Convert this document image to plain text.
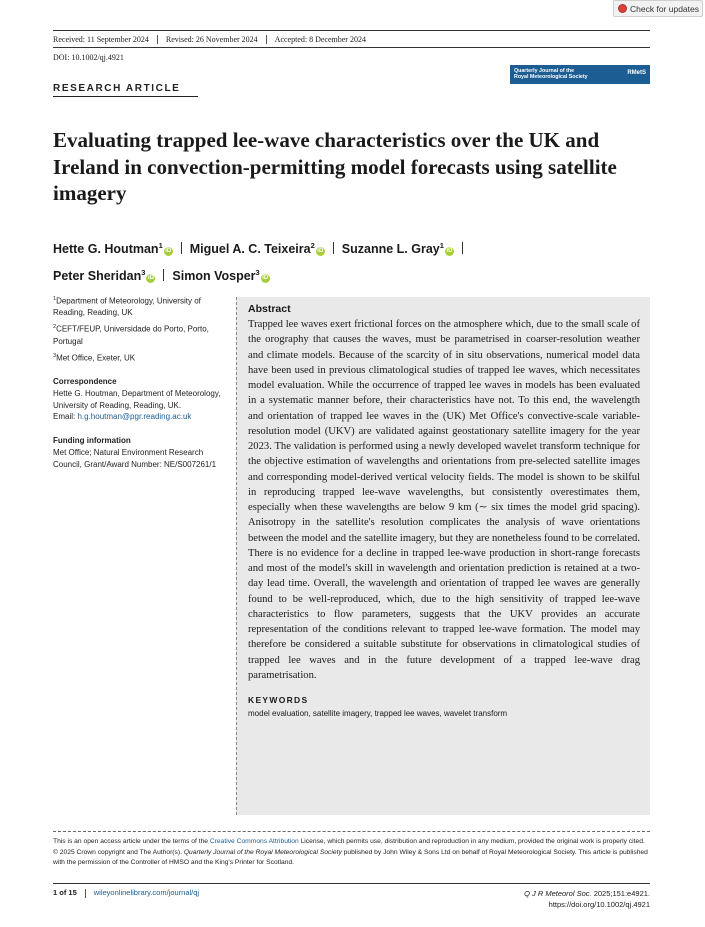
Check for updates
Received: 11 September 2024 Revised: 26 November 2024 Accepted: 8 December 2024
DOI: 10.1002/qj.4921
Quarterly Journal of the
Royal Meteorological Society
RMetS
RESEARCH ARTICLE
Evaluating trapped lee-wave characteristics over the UK and Ireland in convection-permitting model forecasts using satellite imagery
Hette G. Houtman$^1$iD Miguel A. C. Teixeira$^2$iD Suzanne L. Gray$^1$iD
Peter Sheridan$^3$iD Simon Vosper$^3$iD
$^1$Department of Meteorology, University of Reading, Reading, UK
$^2$CEFT/FEUP, Universidade do Porto, Porto, Portugal
$^3$Met Office, Exeter, UK
Correspondence
Hette G. Houtman, Department of Meteorology, University of Reading, Reading, UK.
Email: h.g.houtman@pgr.reading.ac.uk
Funding information
Met Office; Natural Environment Research Council, Grant/Award Number: NE/S007261/1
Abstract
Trapped lee waves exert frictional forces on the atmosphere which, due to the small scale of the orography that causes the waves, must be parametrised in coarser-resolution weather and climate models. Because of the scarcity of in situ observations, numerical model data have been used in previous climatological studies of trapped lee waves, which necessitates model evaluation. While the occurrence of trapped lee waves in models has been evaluated in a systematic manner before, their characteristics have not. To this end, the wavelength and orientation of trapped lee waves in the (UK) Met Office's convective-scale variable-resolution model (UKV) are validated against geostationary satellite imagery for the year 2023. The validation is performed using a newly developed wavelet transform technique for the objective estimation of wavelengths and orientations from pre-selected satellite images and corresponding model-derived vertical velocity fields. The model is shown to be skilful in reproducing trapped lee-wave wavelengths, but consistently overestimates them, especially when these wavelengths are below 9 km (∼ six times the model grid spacing). Anisotropy in the satellite's resolution complicates the analysis of wave orientations between the model and the satellite imagery, but they are nonetheless found to be correlated. There is no evidence for a decline in trapped lee-wave production in short-range forecasts and most of the model's skill in wavelength and orientation prediction is retained at a two-day lead time. Overall, the wavelength and orientation of trapped lee waves are generally found to be well-reproduced, which, due to the high sensitivity of trapped lee-wave characteristics to flow parameters, suggests that the UKV provides an accurate representation of the conditions relevant to trapped lee-wave formation. The model may therefore be considered a suitable substitute for observations in climatological studies of trapped lee waves and in the future development of a trapped lee-wave drag parametrisation.
KEYWORDS
model evaluation, satellite imagery, trapped lee waves, wavelet transform
This is an open access article under the terms of the Creative Commons Attribution License, which permits use, distribution and reproduction in any medium, provided the original work is properly cited.
© 2025 Crown copyright and The Author(s). Quarterly Journal of the Royal Meteorological Society published by John Wiley & Sons Ltd on behalf of Royal Meteorological Society. This article is published with the permission of the Controller of HMSO and the King's Printer for Scotland.
1 of 15 wileyonlinelibrary.com/journal/qj	Q J R Meteorol Soc. 2025;151:e4921.
https://doi.org/10.1002/qj.4921
